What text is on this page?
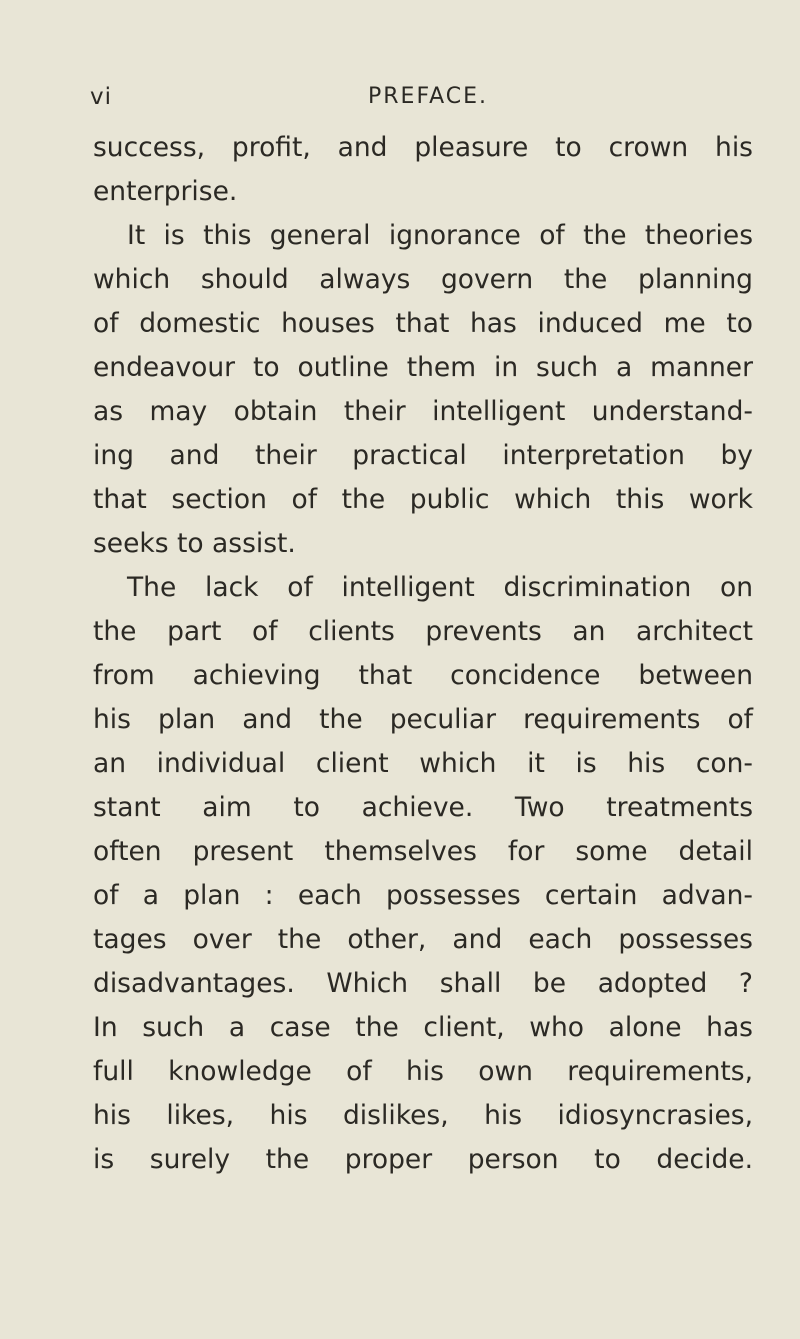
vi	PREFACE.
success, profit, and pleasure to crown his
enterprise.
It is this general ignorance of the theories
which should always govern the planning
of domestic houses that has induced me to
endeavour to outline them in such a manner
as may obtain their intelligent understand-
ing and their practical interpretation by
that section of the public which this work
seeks to assist.
The lack of intelligent discrimination on
the part of clients prevents an architect
from achieving that concidence between
his plan and the peculiar requirements of
an individual client which it is his con-
stant aim to achieve. Two treatments
often present themselves for some detail
of a plan : each possesses certain advan-
tages over the other, and each possesses
disadvantages. Which shall be adopted ?
In such a case the client, who alone has
full knowledge of his own requirements,
his likes, his dislikes, his idiosyncrasies,
is surely the proper person to decide.
